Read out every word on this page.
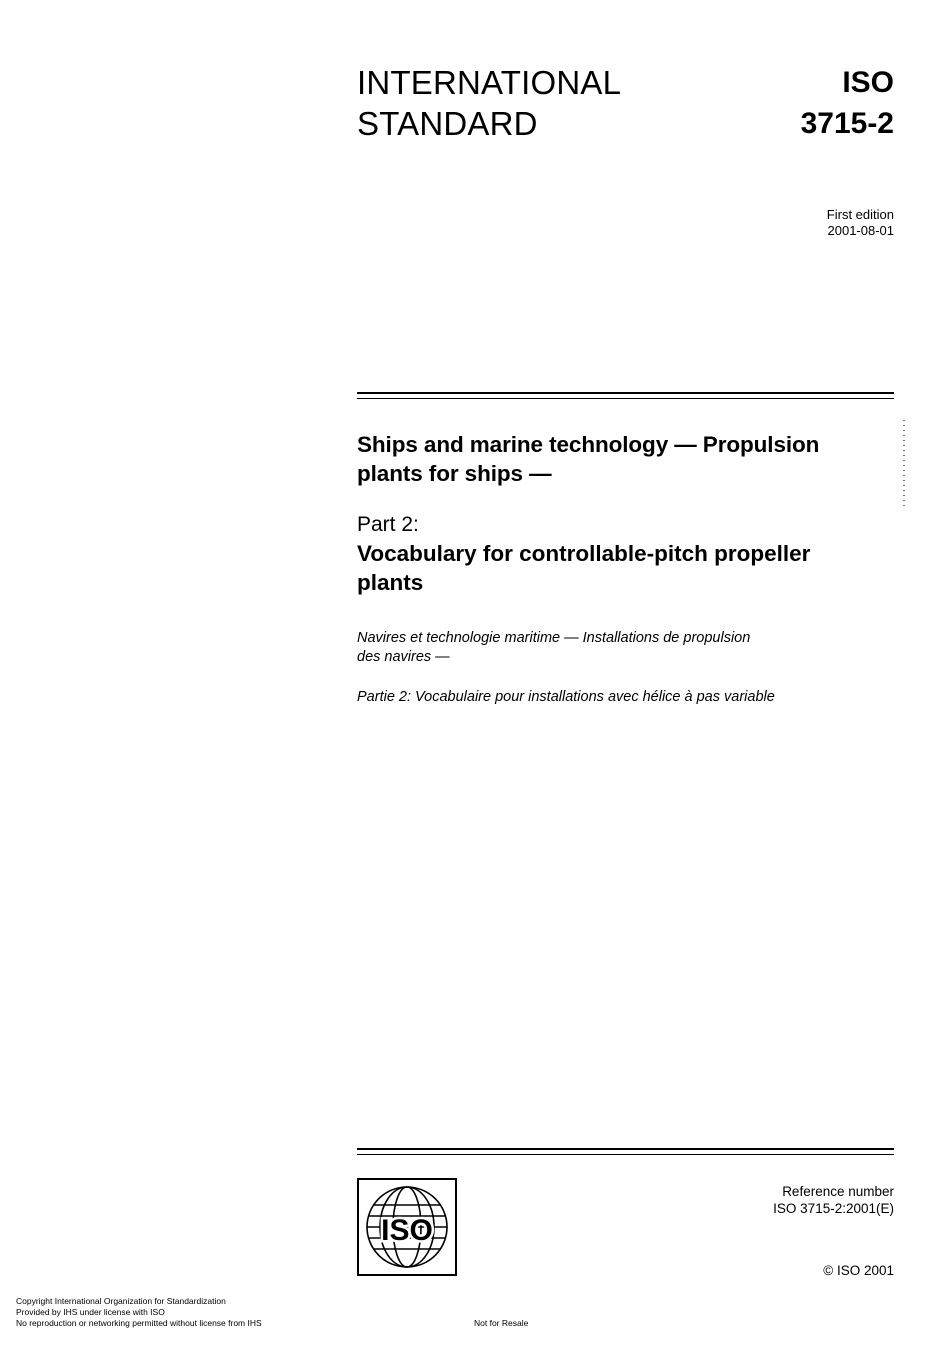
INTERNATIONAL
STANDARD
ISO
3715-2
First edition
2001-08-01
Ships and marine technology — Propulsion
plants for ships —
Part 2:
Vocabulary for controllable-pitch propeller
plants
Navires et technologie maritime — Installations de propulsion
des navires —
Partie 2: Vocabulaire pour installations avec hélice à pas variable
ISO
Reference number
ISO 3715-2:2001(E)
© ISO 2001
Copyright International Organization for Standardization
Provided by IHS under license with ISO
No reproduction or networking permitted without license from IHS	Not for Resale
